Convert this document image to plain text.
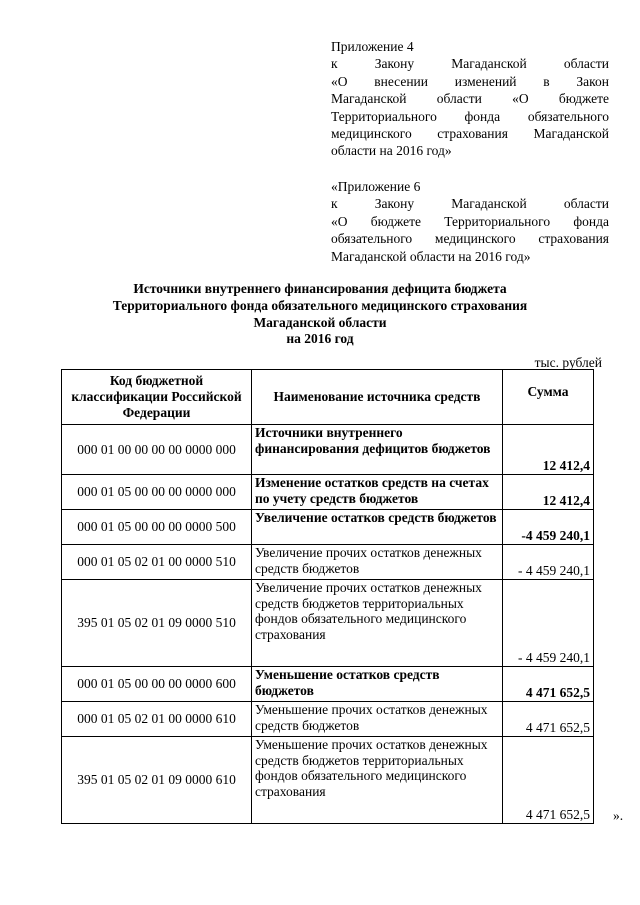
Приложение 4
к Закону Магаданской области
«О внесении изменений в Закон
Магаданской области «О бюджете
Территориального фонда обязательного
медицинского страхования Магаданской
области на 2016 год»
«Приложение 6
к Закону Магаданской области
«О бюджете Территориального фонда
обязательного медицинского страхования
Магаданской области на 2016 год»
Источники внутреннего финансирования дефицита бюджета
Территориального фонда обязательного медицинского страхования
Магаданской области
на 2016 год
тыс. рублей
Код бюджетной классификации Российской Федерации	Наименование источника средств	Сумма
000 01 00 00 00 00 0000 000	Источники внутреннего финансирования дефицитов бюджетов	12 412,4
000 01 05 00 00 00 0000 000	Изменение остатков средств на счетах по учету средств бюджетов	12 412,4
000 01 05 00 00 00 0000 500	Увеличение остатков средств бюджетов	-4 459 240,1
000 01 05 02 01 00 0000 510	Увеличение прочих остатков денежных средств бюджетов	- 4 459 240,1
395 01 05 02 01 09 0000 510	Увеличение прочих остатков денежных средств бюджетов территориальных фондов обязательного медицинского страхования	- 4 459 240,1
000 01 05 00 00 00 0000 600	Уменьшение остатков средств бюджетов	4 471 652,5
000 01 05 02 01 00 0000 610	Уменьшение прочих остатков денежных средств бюджетов	4 471 652,5
395 01 05 02 01 09 0000 610	Уменьшение прочих остатков денежных средств бюджетов территориальных фондов обязательного медицинского страхования	4 471 652,5 ».
